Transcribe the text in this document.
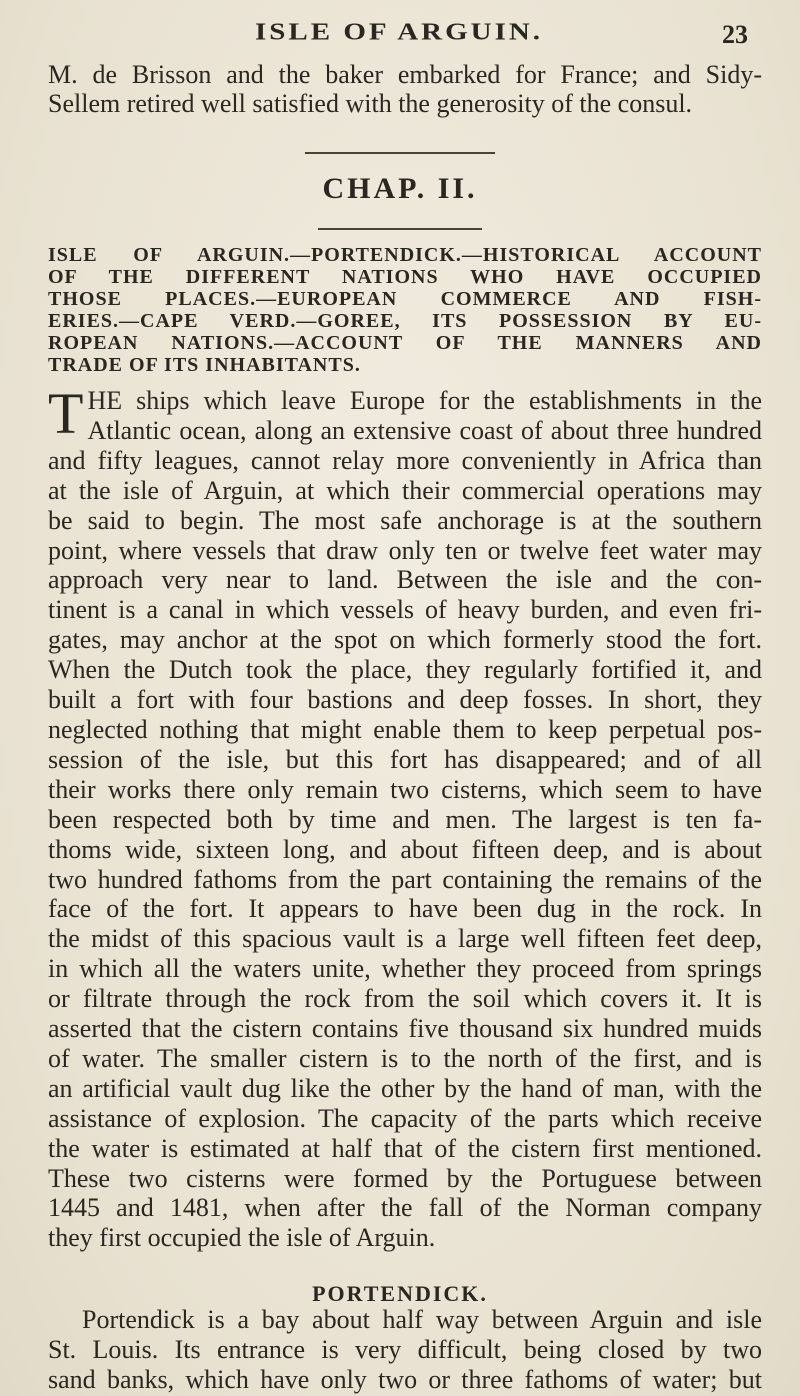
ISLE OF ARGUIN.	23
M. de Brisson and the baker embarked for France; and Sidy-
Sellem retired well satisfied with the generosity of the consul.
CHAP. II.
ISLE OF ARGUIN.—PORTENDICK.—HISTORICAL ACCOUNT
OF THE DIFFERENT NATIONS WHO HAVE OCCUPIED
THOSE PLACES.—EUROPEAN COMMERCE AND FISH-
ERIES.—CAPE VERD.—GOREE, ITS POSSESSION BY EU-
ROPEAN NATIONS.—ACCOUNT OF THE MANNERS AND
TRADE OF ITS INHABITANTS.
T HE ships which leave Europe for the establishments in the
Atlantic ocean, along an extensive coast of about three hundred
and fifty leagues, cannot relay more conveniently in Africa than
at the isle of Arguin, at which their commercial operations may
be said to begin. The most safe anchorage is at the southern
point, where vessels that draw only ten or twelve feet water may
approach very near to land. Between the isle and the con-
tinent is a canal in which vessels of heavy burden, and even fri-
gates, may anchor at the spot on which formerly stood the fort.
When the Dutch took the place, they regularly fortified it, and
built a fort with four bastions and deep fosses. In short, they
neglected nothing that might enable them to keep perpetual pos-
session of the isle, but this fort has disappeared; and of all
their works there only remain two cisterns, which seem to have
been respected both by time and men. The largest is ten fa-
thoms wide, sixteen long, and about fifteen deep, and is about
two hundred fathoms from the part containing the remains of the
face of the fort. It appears to have been dug in the rock. In
the midst of this spacious vault is a large well fifteen feet deep,
in which all the waters unite, whether they proceed from springs
or filtrate through the rock from the soil which covers it. It is
asserted that the cistern contains five thousand six hundred muids
of water. The smaller cistern is to the north of the first, and is
an artificial vault dug like the other by the hand of man, with the
assistance of explosion. The capacity of the parts which receive
the water is estimated at half that of the cistern first mentioned.
These two cisterns were formed by the Portuguese between
1445 and 1481, when after the fall of the Norman company
they first occupied the isle of Arguin.
PORTENDICK.
Portendick is a bay about half way between Arguin and isle
St. Louis. Its entrance is very difficult, being closed by two
sand banks, which have only two or three fathoms of water; but
